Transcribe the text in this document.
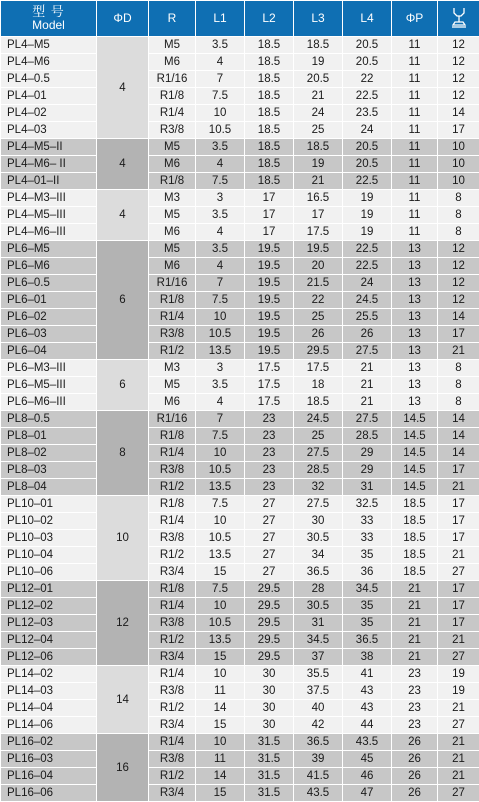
型 号
Model	ΦD	R	L1	L2	L3	L4	ΦP	
PL4–M5	4	M5	3.5	18.5	18.5	20.5	11	12
PL4–M6		M6	4	18.5	19	20.5	11	12
PL4–0.5		R1/16	7	18.5	20.5	22	11	12
PL4–01		R1/8	7.5	18.5	21	22.5	11	12
PL4–02		R1/4	10	18.5	24	23.5	11	14
PL4–03		R3/8	10.5	18.5	25	24	11	17
PL4–M5–II	4	M5	3.5	18.5	18.5	20.5	11	10
PL4–M6– II		M6	4	18.5	19	20.5	11	10
PL4–01–II		R1/8	7.5	18.5	21	22.5	11	10
PL4–M3–III	4	M3	3	17	16.5	19	11	8
PL4–M5–III		M5	3.5	17	17	19	11	8
PL4–M6–III		M6	4	17	17.5	19	11	8
PL6–M5	6	M5	3.5	19.5	19.5	22.5	13	12
PL6–M6		M6	4	19.5	20	22.5	13	12
PL6–0.5		R1/16	7	19.5	21.5	24	13	12
PL6–01		R1/8	7.5	19.5	22	24.5	13	12
PL6–02		R1/4	10	19.5	25	25.5	13	14
PL6–03		R3/8	10.5	19.5	26	26	13	17
PL6–04		R1/2	13.5	19.5	29.5	27.5	13	21
PL6–M3–III	6	M3	3	17.5	17.5	21	13	8
PL6–M5–III		M5	3.5	17.5	18	21	13	8
PL6–M6–III		M6	4	17.5	18.5	21	13	8
PL8–0.5	8	R1/16	7	23	24.5	27.5	14.5	14
PL8–01		R1/8	7.5	23	25	28.5	14.5	14
PL8–02		R1/4	10	23	27.5	29	14.5	14
PL8–03		R3/8	10.5	23	28.5	29	14.5	17
PL8–04		R1/2	13.5	23	32	31	14.5	21
PL10–01	10	R1/8	7.5	27	27.5	32.5	18.5	17
PL10–02		R1/4	10	27	30	33	18.5	17
PL10–03		R3/8	10.5	27	30.5	33	18.5	17
PL10–04		R1/2	13.5	27	34	35	18.5	21
PL10–06		R3/4	15	27	36.5	36	18.5	27
PL12–01	12	R1/8	7.5	29.5	28	34.5	21	17
PL12–02		R1/4	10	29.5	30.5	35	21	17
PL12–03		R3/8	10.5	29.5	31	35	21	17
PL12–04		R1/2	13.5	29.5	34.5	36.5	21	21
PL12–06		R3/4	15	29.5	37	38	21	27
PL14–02	14	R1/4	10	30	35.5	41	23	19
PL14–03		R3/8	11	30	37.5	43	23	19
PL14–04		R1/2	14	30	40	43	23	21
PL14–06		R3/4	15	30	42	44	23	27
PL16–02	16	R1/4	10	31.5	36.5	43.5	26	21
PL16–03		R3/8	11	31.5	39	45	26	21
PL16–04		R1/2	14	31.5	41.5	46	26	21
PL16–06		R3/4	15	31.5	43.5	47	26	27
